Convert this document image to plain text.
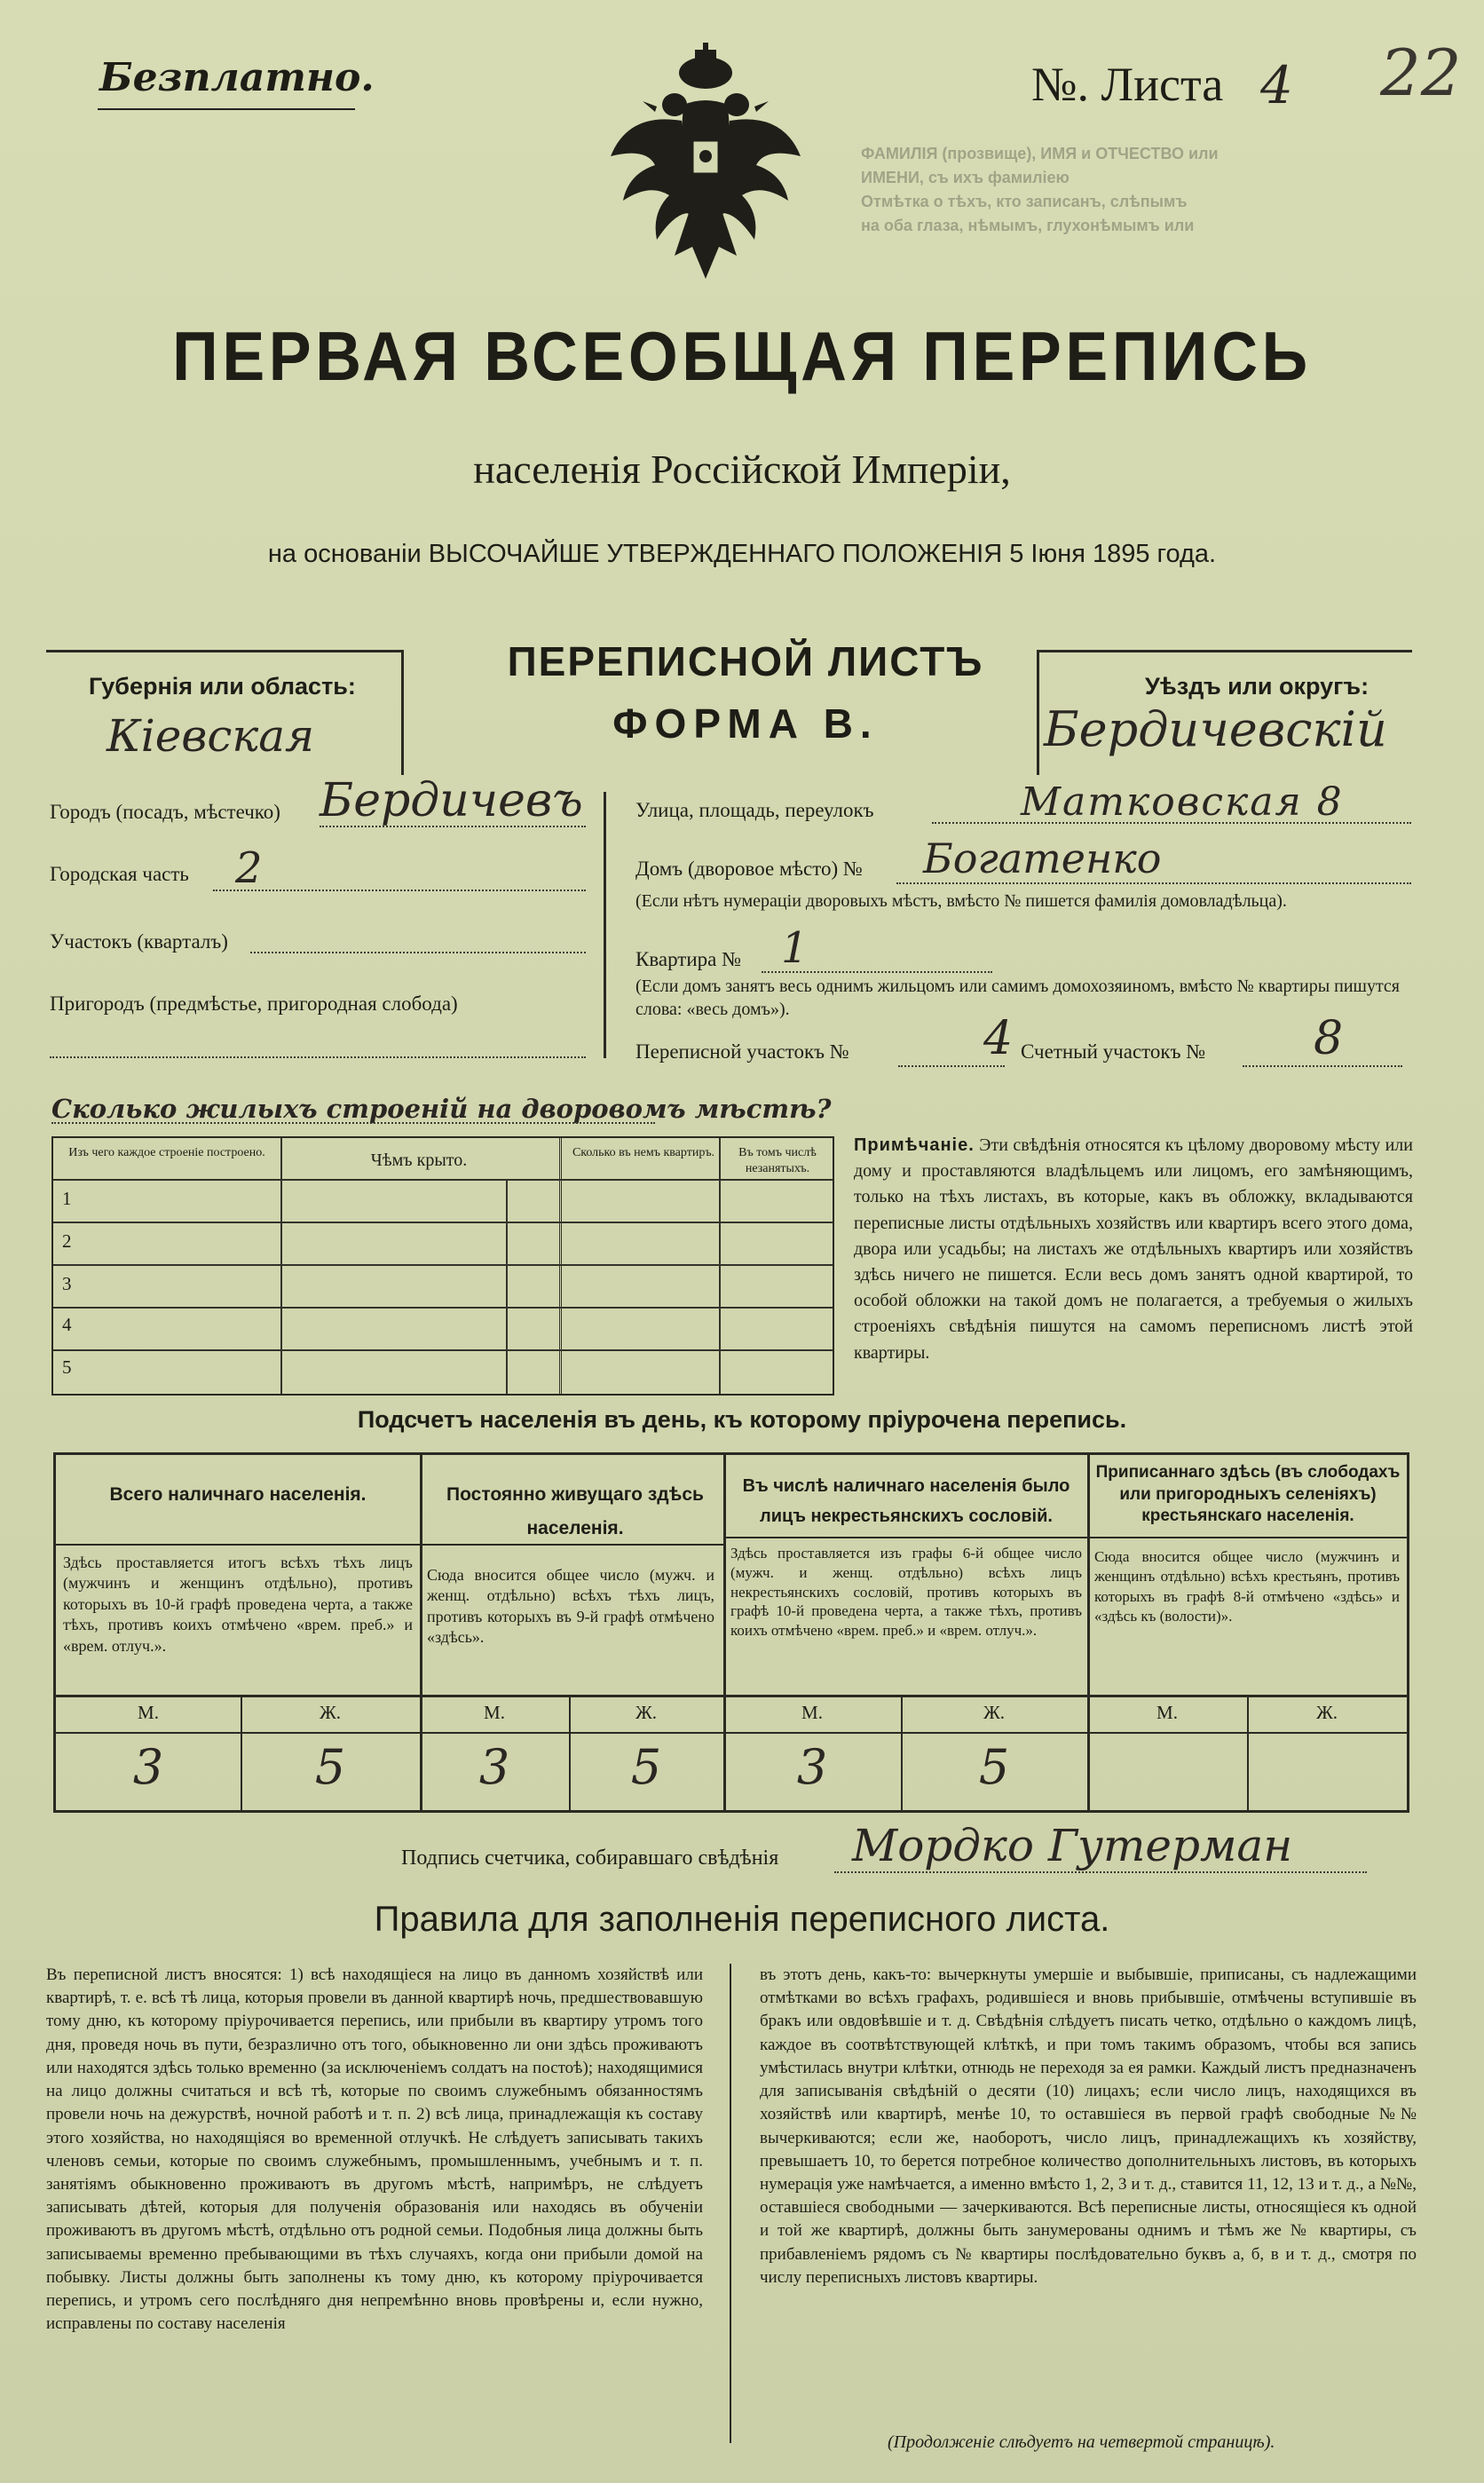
ФАМИЛІЯ (прозвище), ИМЯ и ОТЧЕСТВО или
ИМЕНИ, съ ихъ фамиліею
Отмѣтка о тѣхъ, кто записанъ, слѣпымъ
на оба глаза, нѣмымъ, глухонѣмымъ или
Безплатно.	№. Листа 4 22
ПЕРВАЯ ВСЕОБЩАЯ ПЕРЕПИСЬ
населенія Россійской Имперіи,
на основаніи ВЫСОЧАЙШЕ УТВЕРЖДЕННАГО ПОЛОЖЕНІЯ 5 Іюня 1895 года.
ПЕРЕПИСНОЙ ЛИСТЪ
ФОРМА В.
Губернія или область:
Кіевская
Уѣздъ или округъ:
Бердичевскій
Городъ (посадъ, мѣстечко) Бердичевъ
Городская часть 2
Участокъ (кварталъ)
Пригородъ (предмѣстье, пригородная слобода)
Улица, площадь, переулокъ	Матковская 8
Домъ (дворовое мѣсто) № Богатенко
(Если нѣтъ нумераціи дворовыхъ мѣстъ, вмѣсто № пишется фамилія домовладѣльца).
Квартира № 1
(Если домъ занятъ весь однимъ жильцомъ или самимъ домохозяиномъ, вмѣсто № квартиры пишутся слова: «весь домъ»).
Переписной участокъ №	4 Счетный участокъ № 8
Сколько жилыхъ строеній на дворовомъ мѣстѣ?
Изъ чего каждое строеніе построено.	Чѣмъ крыто.	Сколько въ немъ квартиръ.	Въ томъ числѣ незанятыхъ.
1
2
3
4
5
Примѣчаніе. Эти свѣдѣнія относятся къ цѣлому дворовому мѣсту или дому и проставляются владѣльцемъ или лицомъ, его замѣняющимъ, только на тѣхъ листахъ, въ которые, какъ въ обложку, вкладываются переписные листы отдѣльныхъ хозяйствъ или квартиръ всего этого дома, двора или усадьбы; на листахъ же отдѣльныхъ квартиръ или хозяйствъ здѣсь ничего не пишется. Если весь домъ занятъ одной квартирой, то особой обложки на такой домъ не полагается, а требуемыя о жилыхъ строеніяхъ свѣдѣнія пишутся на самомъ переписномъ листѣ этой квартиры.
Подсчетъ населенія въ день, къ которому пріурочена перепись.
Всего наличнаго населенія.
Здѣсь проставляется итогъ всѣхъ тѣхъ лицъ (мужчинъ и женщинъ отдѣльно), противъ которыхъ въ 10-й графѣ проведена черта, а также тѣхъ, противъ коихъ отмѣчено «врем. преб.» и «врем. отлуч.».
Постоянно живущаго здѣсь населенія.
Сюда вносится общее число (мужч. и женщ. отдѣльно) всѣхъ тѣхъ лицъ, противъ которыхъ въ 9-й графѣ отмѣчено «здѣсь».
Въ числѣ наличнаго населенія было лицъ некрестьянскихъ сословій.
Здѣсь проставляется изъ графы 6-й общее число (мужч. и женщ. отдѣльно) всѣхъ лицъ некрестьянскихъ сословій, противъ которыхъ въ графѣ 10-й проведена черта, а также тѣхъ, противъ коихъ отмѣчено «врем. преб.» и «врем. отлуч.».
Приписаннаго здѣсь (въ слободахъ или пригородныхъ селеніяхъ) крестьянскаго населенія.
Сюда вносится общее число (мужчинъ и женщинъ отдѣльно) всѣхъ крестьянъ, противъ которыхъ въ графѣ 8-й отмѣчено «здѣсь» и «здѣсь къ (волости)».
М.	Ж.	М.	Ж.	М.	Ж.	М.	Ж.
3	5	3	5	3	5
Подпись счетчика, собиравшаго свѣдѣнія Мордко Гутерман
Правила для заполненія переписного листа.
Въ переписной листъ вносятся: 1) всѣ находящіеся на лицо въ данномъ хозяйствѣ или квартирѣ, т. е. всѣ тѣ лица, которыя провели въ данной квартирѣ ночь, предшествовавшую тому дню, къ которому пріурочивается перепись, или прибыли въ квартиру утромъ того дня, проведя ночь въ пути, безразлично отъ того, обыкновенно ли они здѣсь проживаютъ или находятся здѣсь только временно (за исключеніемъ солдатъ на постоѣ); находящимися на лицо должны считаться и всѣ тѣ, которые по своимъ служебнымъ обязанностямъ провели ночь на дежурствѣ, ночной работѣ и т. п. 2) всѣ лица, принадлежащія къ составу этого хозяйства, но находящіяся во временной отлучкѣ. Не слѣдуетъ записывать такихъ членовъ семьи, которые по своимъ служебнымъ, промышленнымъ, учебнымъ и т. п. занятіямъ обыкновенно проживаютъ въ другомъ мѣстѣ, напримѣръ, не слѣдуетъ записывать дѣтей, которыя для полученія образованія или находясь въ обученіи проживаютъ въ другомъ мѣстѣ, отдѣльно отъ родной семьи. Подобныя лица должны быть записываемы временно пребывающими въ тѣхъ случаяхъ, когда они прибыли домой на побывку. Листы должны быть заполнены къ тому дню, къ которому пріурочивается перепись, и утромъ сего послѣдняго дня непремѣнно вновь провѣрены и, если нужно, исправлены по составу населенія
въ этотъ день, какъ-то: вычеркнуты умершіе и выбывшіе, приписаны, съ надлежащими отмѣтками во всѣхъ графахъ, родившіеся и вновь прибывшіе, отмѣчены вступившіе въ бракъ или овдовѣвшіе и т. д. Свѣдѣнія слѣдуетъ писать четко, отдѣльно о каждомъ лицѣ, каждое въ соотвѣтствующей клѣткѣ, и при томъ такимъ образомъ, чтобы вся запись умѣстилась внутри клѣтки, отнюдь не переходя за ея рамки. Каждый листъ предназначенъ для записыванія свѣдѣній о десяти (10) лицахъ; если число лицъ, находящихся въ хозяйствѣ или квартирѣ, менѣе 10, то оставшіеся въ первой графѣ свободные №№ вычеркиваются; если же, наоборотъ, число лицъ, принадлежащихъ къ хозяйству, превышаетъ 10, то берется потребное количество дополнительныхъ листовъ, въ которыхъ нумерація уже намѣчается, а именно вмѣсто 1, 2, 3 и т. д., ставится 11, 12, 13 и т. д., а №№, оставшіеся свободными — зачеркиваются. Всѣ переписные листы, относящіеся къ одной и той же квартирѣ, должны быть занумерованы однимъ и тѣмъ же № квартиры, съ прибавленіемъ рядомъ съ № квартиры послѣдовательно буквъ а, б, в и т. д., смотря по числу переписныхъ листовъ квартиры.
(Продолженіе слѣдуетъ на четвертой страницѣ).
